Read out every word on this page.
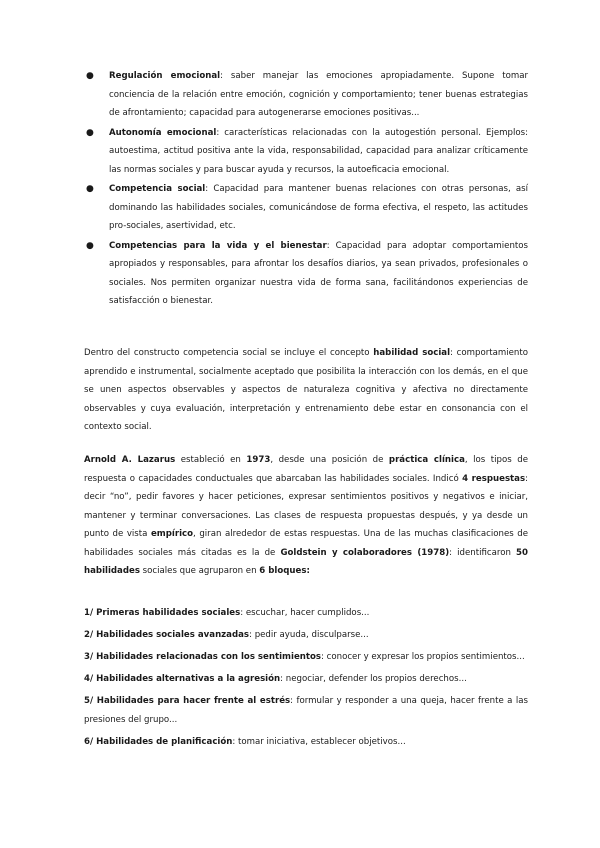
● Regulación emocional: saber manejar las emociones apropiadamente. Supone tomar conciencia de la relación entre emoción, cognición y comportamiento; tener buenas estrategias de afrontamiento; capacidad para autogenerarse emociones positivas...
● Autonomía emocional: características relacionadas con la autogestión personal. Ejemplos: autoestima, actitud positiva ante la vida, responsabilidad, capacidad para analizar críticamente las normas sociales y para buscar ayuda y recursos, la autoeficacia emocional.
● Competencia social: Capacidad para mantener buenas relaciones con otras personas, así dominando las habilidades sociales, comunicándose de forma efectiva, el respeto, las actitudes pro-sociales, asertividad, etc.
● Competencias para la vida y el bienestar: Capacidad para adoptar comportamientos apropiados y responsables, para afrontar los desafíos diarios, ya sean privados, profesionales o sociales. Nos permiten organizar nuestra vida de forma sana, facilitándonos experiencias de satisfacción o bienestar.

Dentro del constructo competencia social se incluye el concepto habilidad social: comportamiento aprendido e instrumental, socialmente aceptado que posibilita la interacción con los demás, en el que se unen aspectos observables y aspectos de naturaleza cognitiva y afectiva no directamente observables y cuya evaluación, interpretación y entrenamiento debe estar en consonancia con el contexto social.

Arnold A. Lazarus estableció en 1973, desde una posición de práctica clínica, los tipos de respuesta o capacidades conductuales que abarcaban las habilidades sociales. Indicó 4 respuestas: decir “no”, pedir favores y hacer peticiones, expresar sentimientos positivos y negativos e iniciar, mantener y terminar conversaciones. Las clases de respuesta propuestas después, y ya desde un punto de vista empírico, giran alrededor de estas respuestas. Una de las muchas clasificaciones de habilidades sociales más citadas es la de Goldstein y colaboradores (1978): identificaron 50 habilidades sociales que agruparon en 6 bloques:

1/ Primeras habilidades sociales: escuchar, hacer cumplidos...
2/ Habilidades sociales avanzadas: pedir ayuda, disculparse...
3/ Habilidades relacionadas con los sentimientos: conocer y expresar los propios sentimientos...
4/ Habilidades alternativas a la agresión: negociar, defender los propios derechos...
5/ Habilidades para hacer frente al estrés: formular y responder a una queja, hacer frente a las presiones del grupo...
6/ Habilidades de planificación: tomar iniciativa, establecer objetivos...
